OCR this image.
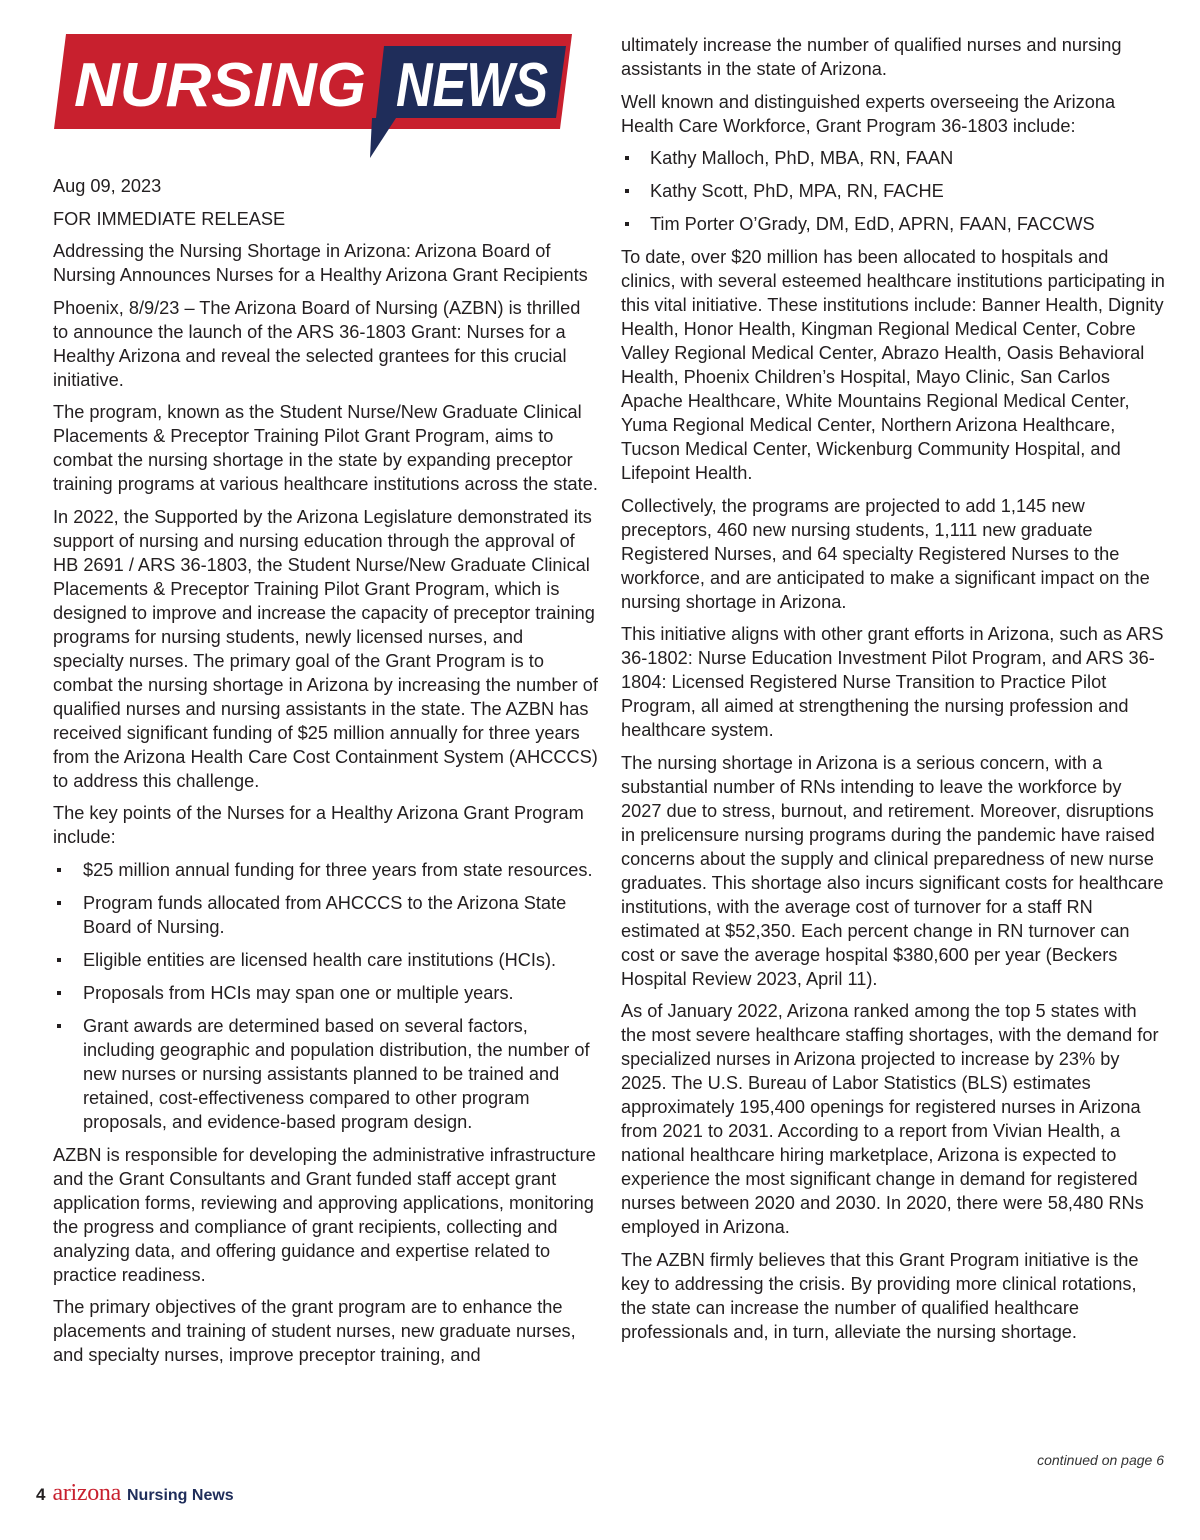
NURSING NEWS

Aug 09, 2023

FOR IMMEDIATE RELEASE

Addressing the Nursing Shortage in Arizona: Arizona Board of Nursing Announces Nurses for a Healthy Arizona Grant Recipients

Phoenix, 8/9/23 – The Arizona Board of Nursing (AZBN) is thrilled to announce the launch of the ARS 36-1803 Grant: Nurses for a Healthy Arizona and reveal the selected grantees for this crucial initiative.

The program, known as the Student Nurse/New Graduate Clinical Placements & Preceptor Training Pilot Grant Program, aims to combat the nursing shortage in the state by expanding preceptor training programs at various healthcare institutions across the state.

In 2022, the Supported by the Arizona Legislature demonstrated its support of nursing and nursing education through the approval of HB 2691 / ARS 36-1803, the Student Nurse/New Graduate Clinical Placements & Preceptor Training Pilot Grant Program, which is designed to improve and increase the capacity of preceptor training programs for nursing students, newly licensed nurses, and specialty nurses. The primary goal of the Grant Program is to combat the nursing shortage in Arizona by increasing the number of qualified nurses and nursing assistants in the state. The AZBN has received significant funding of $25 million annually for three years from the Arizona Health Care Cost Containment System (AHCCCS) to address this challenge.

The key points of the Nurses for a Healthy Arizona Grant Program include:

$25 million annual funding for three years from state resources.
Program funds allocated from AHCCCS to the Arizona State Board of Nursing.
Eligible entities are licensed health care institutions (HCIs).
Proposals from HCIs may span one or multiple years.
Grant awards are determined based on several factors, including geographic and population distribution, the number of new nurses or nursing assistants planned to be trained and retained, cost-effectiveness compared to other program proposals, and evidence-based program design.

AZBN is responsible for developing the administrative infrastructure and the Grant Consultants and Grant funded staff accept grant application forms, reviewing and approving applications, monitoring the progress and compliance of grant recipients, collecting and analyzing data, and offering guidance and expertise related to practice readiness.

The primary objectives of the grant program are to enhance the placements and training of student nurses, new graduate nurses, and specialty nurses, improve preceptor training, and

ultimately increase the number of qualified nurses and nursing assistants in the state of Arizona.

Well known and distinguished experts overseeing the Arizona Health Care Workforce, Grant Program 36-1803 include:

Kathy Malloch, PhD, MBA, RN, FAAN
Kathy Scott, PhD, MPA, RN, FACHE
Tim Porter O’Grady, DM, EdD, APRN, FAAN, FACCWS

To date, over $20 million has been allocated to hospitals and clinics, with several esteemed healthcare institutions participating in this vital initiative. These institutions include: Banner Health, Dignity Health, Honor Health, Kingman Regional Medical Center, Cobre Valley Regional Medical Center, Abrazo Health, Oasis Behavioral Health, Phoenix Children’s Hospital, Mayo Clinic, San Carlos Apache Healthcare, White Mountains Regional Medical Center, Yuma Regional Medical Center, Northern Arizona Healthcare, Tucson Medical Center, Wickenburg Community Hospital, and Lifepoint Health.

Collectively, the programs are projected to add 1,145 new preceptors, 460 new nursing students, 1,111 new graduate Registered Nurses, and 64 specialty Registered Nurses to the workforce, and are anticipated to make a significant impact on the nursing shortage in Arizona.

This initiative aligns with other grant efforts in Arizona, such as ARS 36-1802: Nurse Education Investment Pilot Program, and ARS 36-1804: Licensed Registered Nurse Transition to Practice Pilot Program, all aimed at strengthening the nursing profession and healthcare system.

The nursing shortage in Arizona is a serious concern, with a substantial number of RNs intending to leave the workforce by 2027 due to stress, burnout, and retirement. Moreover, disruptions in prelicensure nursing programs during the pandemic have raised concerns about the supply and clinical preparedness of new nurse graduates. This shortage also incurs significant costs for healthcare institutions, with the average cost of turnover for a staff RN estimated at $52,350. Each percent change in RN turnover can cost or save the average hospital $380,600 per year (Beckers Hospital Review 2023, April 11).

As of January 2022, Arizona ranked among the top 5 states with the most severe healthcare staffing shortages, with the demand for specialized nurses in Arizona projected to increase by 23% by 2025. The U.S. Bureau of Labor Statistics (BLS) estimates approximately 195,400 openings for registered nurses in Arizona from 2021 to 2031. According to a report from Vivian Health, a national healthcare hiring marketplace, Arizona is expected to experience the most significant change in demand for registered nurses between 2020 and 2030. In 2020, there were 58,480 RNs employed in Arizona.

The AZBN firmly believes that this Grant Program initiative is the key to addressing the crisis. By providing more clinical rotations, the state can increase the number of qualified healthcare professionals and, in turn, alleviate the nursing shortage.

continued on page 6
4 arizona Nursing News
